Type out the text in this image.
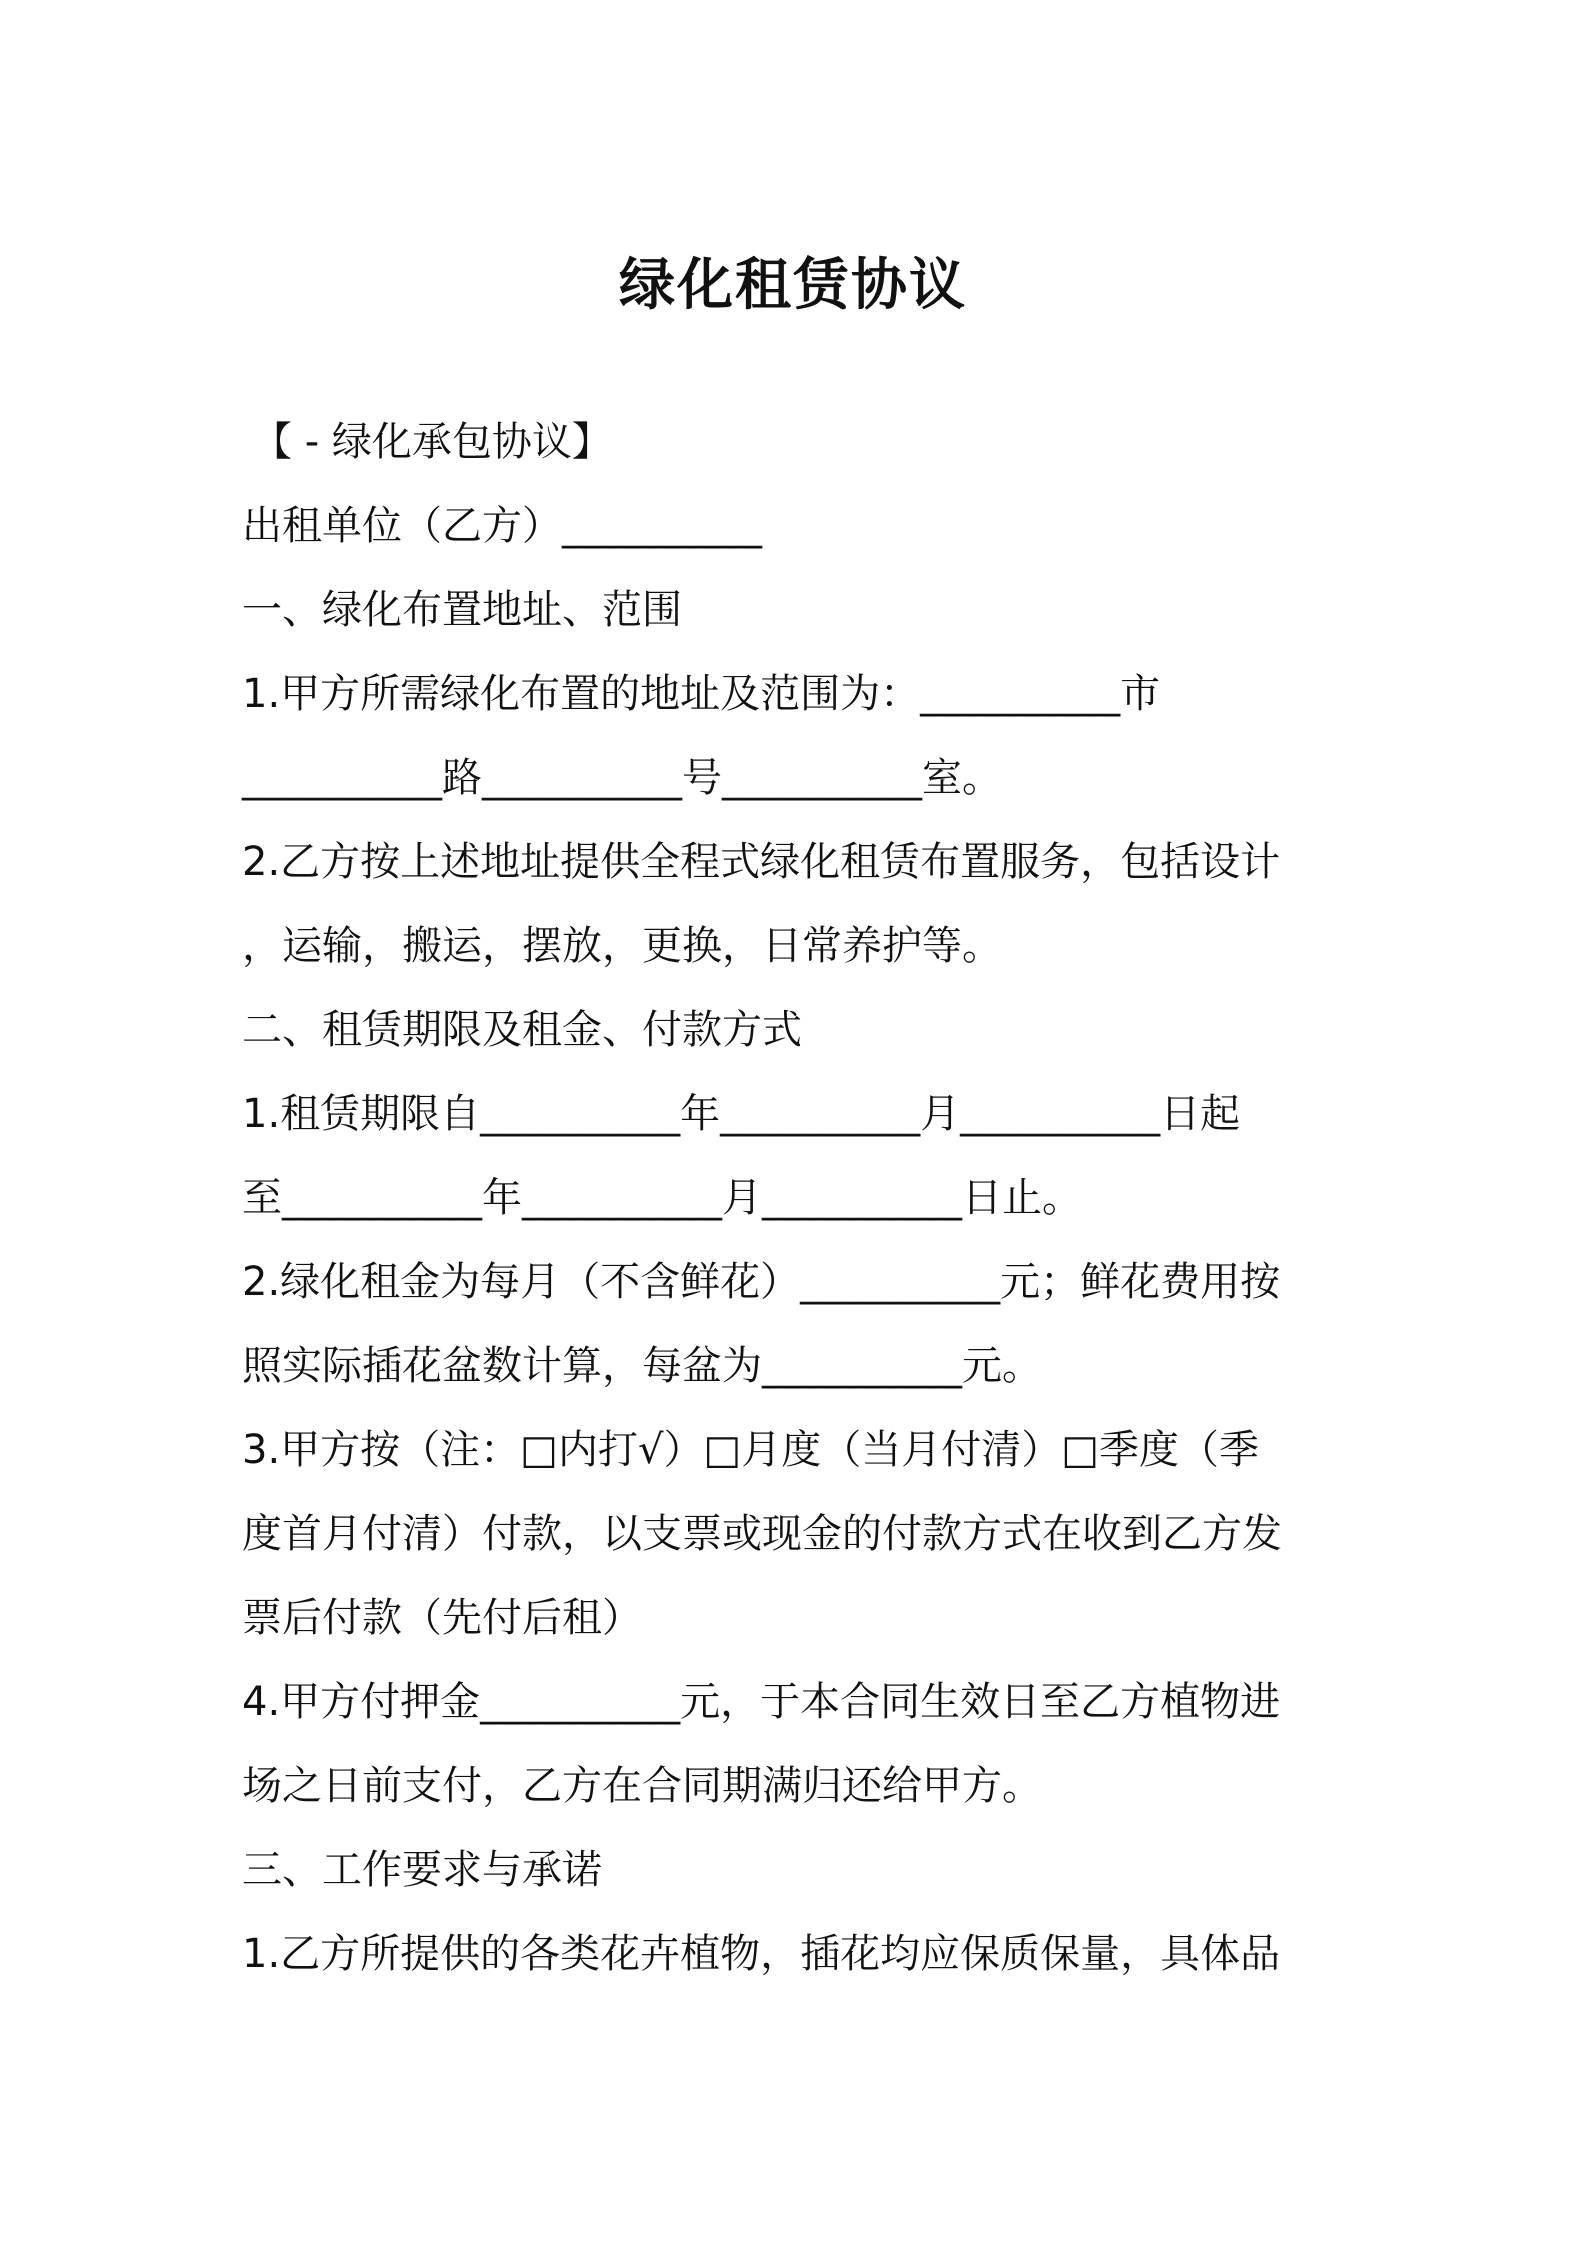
绿化租赁协议
【 - 绿化承包协议】
出租单位（乙方）__________
一、绿化布置地址、范围
1.甲方所需绿化布置的地址及范围为：__________市
__________路__________号__________室。
2.乙方按上述地址提供全程式绿化租赁布置服务，包括设计
，运输，搬运，摆放，更换，日常养护等。
二、租赁期限及租金、付款方式
1.租赁期限自__________年__________月__________日起
至__________年__________月__________日止。
2.绿化租金为每月（不含鲜花）__________元；鲜花费用按
照实际插花盆数计算，每盆为__________元。
3.甲方按（注：□内打√）□月度（当月付清）□季度（季
度首月付清）付款，以支票或现金的付款方式在收到乙方发
票后付款（先付后租）
4.甲方付押金__________元，于本合同生效日至乙方植物进
场之日前支付，乙方在合同期满归还给甲方。
三、工作要求与承诺
1.乙方所提供的各类花卉植物，插花均应保质保量，具体品
